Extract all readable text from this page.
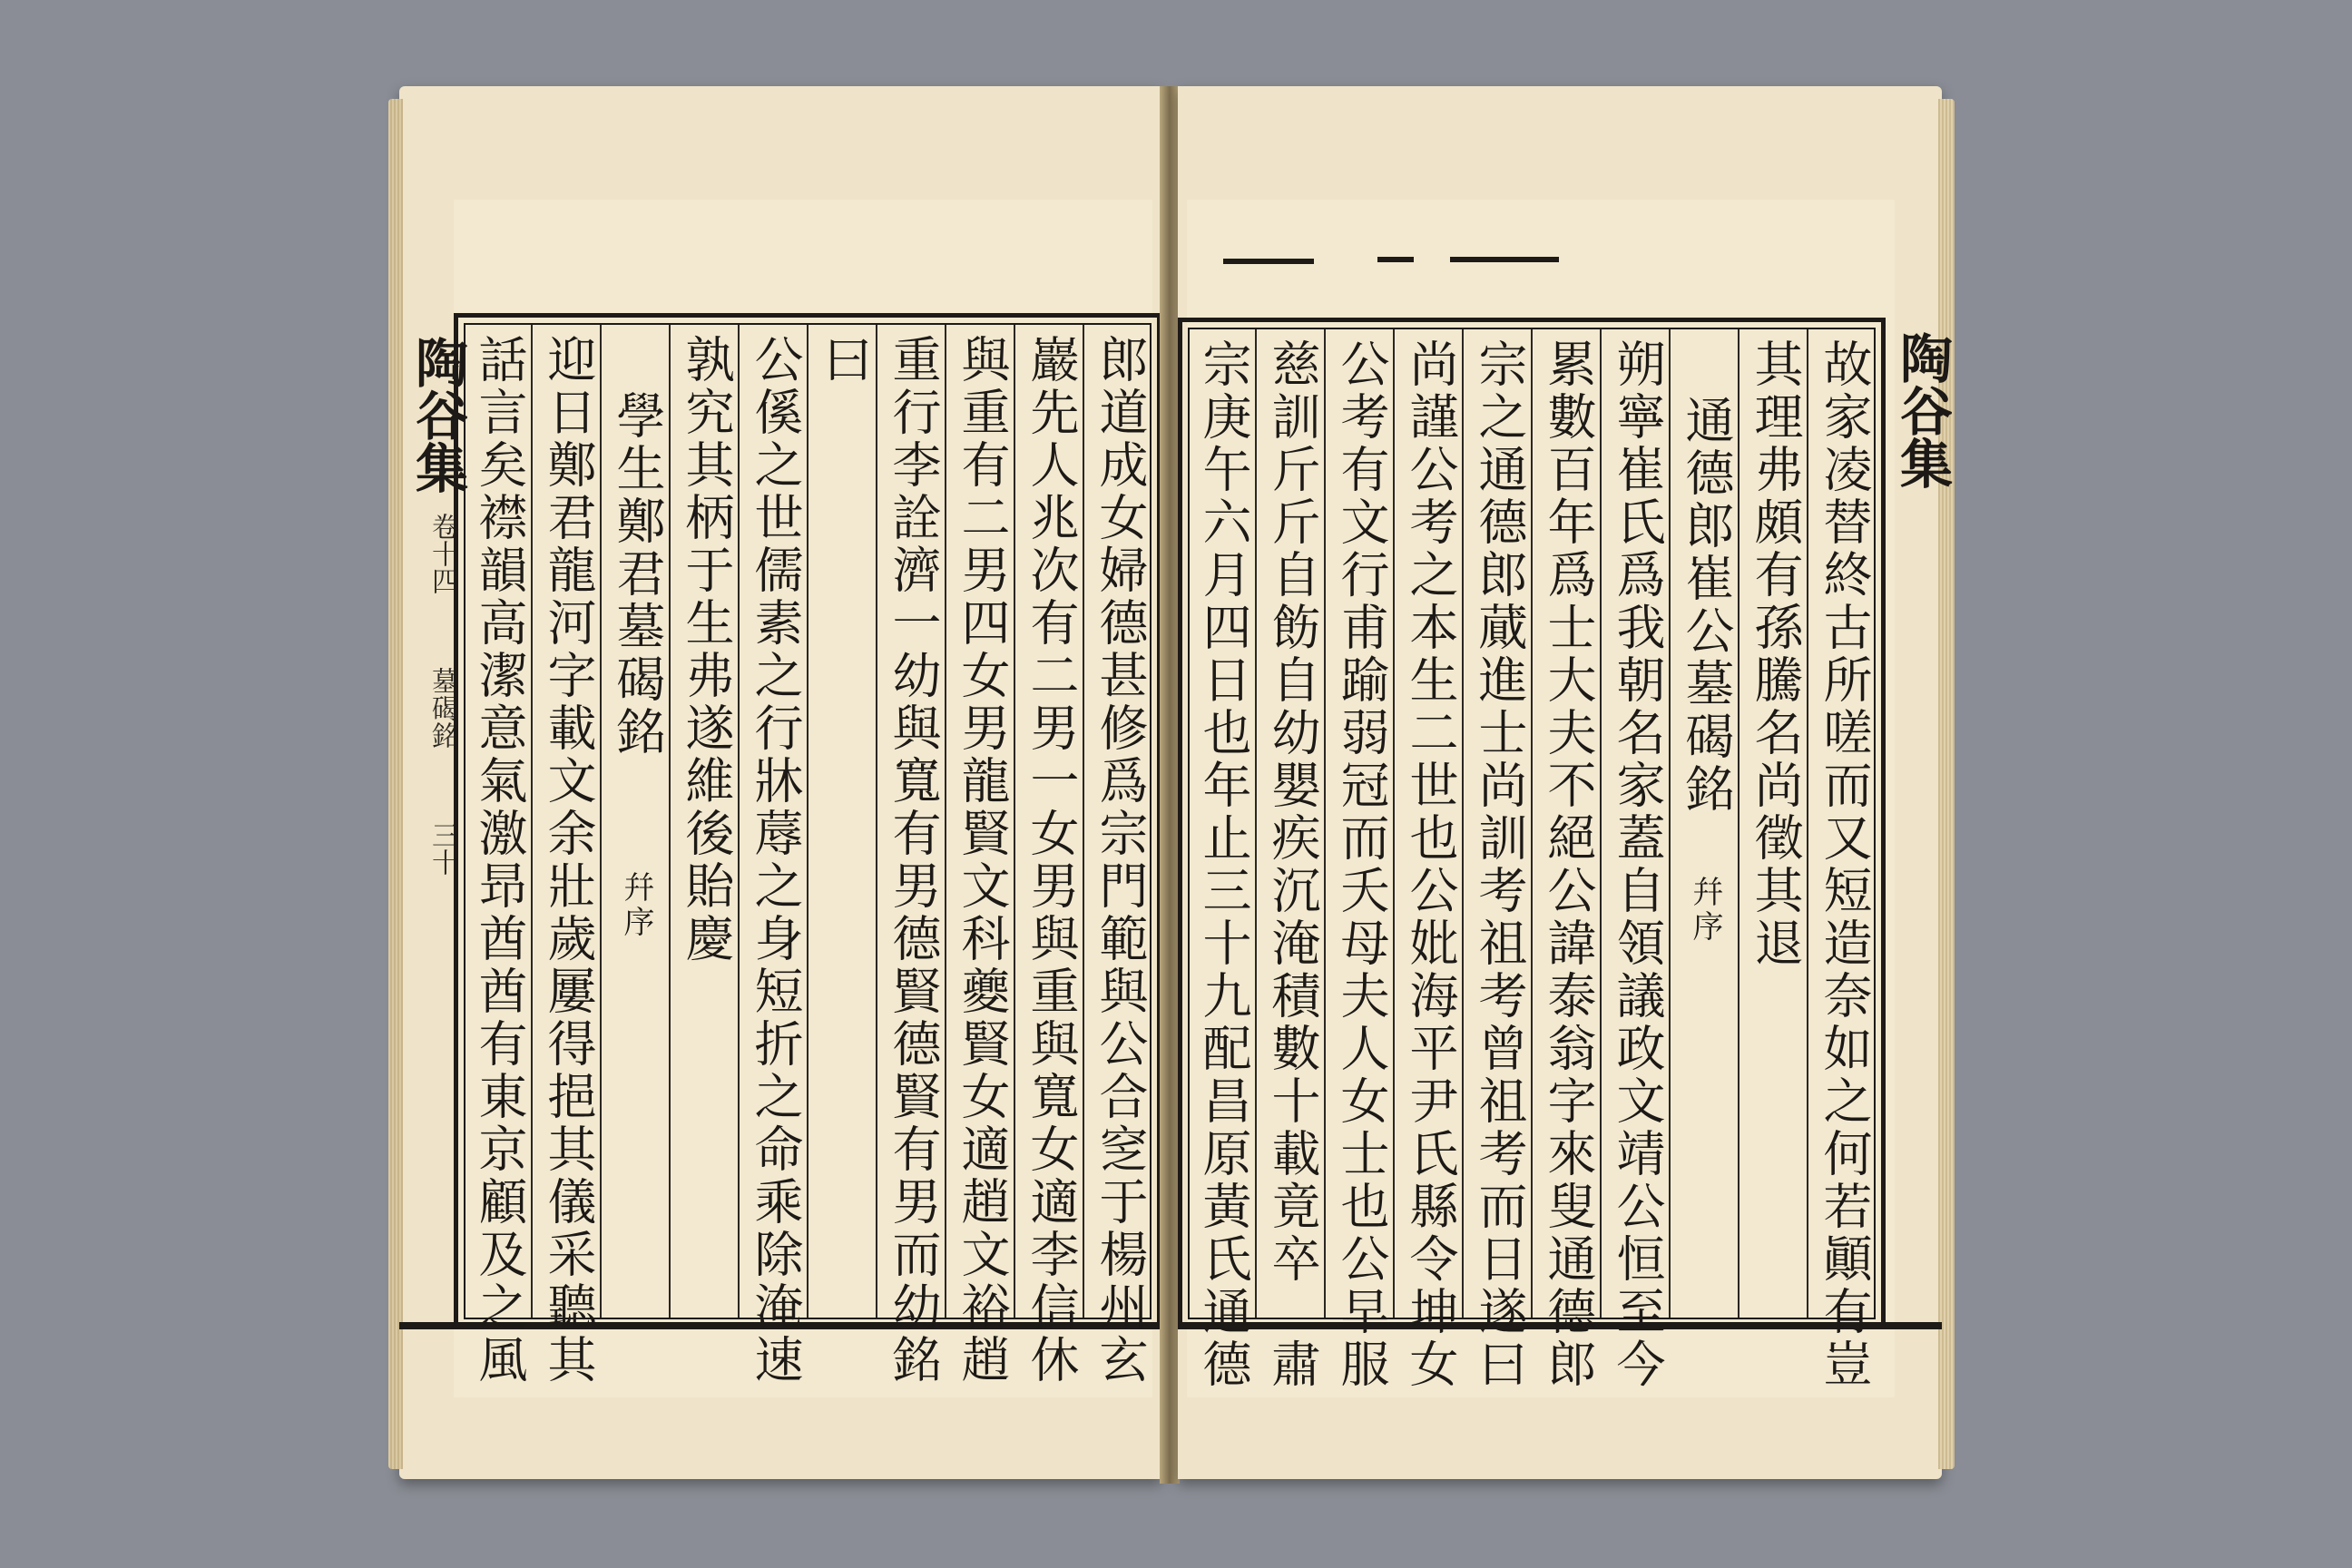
陶谷集
卷十四
墓碣銘
三十	郎道成女婦德甚修爲宗門範與公合窆于楊州玄
巖先人兆次有二男一女男與重與寬女適李信休
與重有二男四女男龍賢文科夔賢女適趙文裕趙
重行李詮濟一幼與寬有男德賢德賢有男而幼銘
曰
公傒之世儒素之行牀蓐之身短折之命乘除淹速
孰究其柄于生弗遂維後貽慶
學生鄭君墓碣銘
幷序
迎日鄭君龍河字載文余壯歲屢得挹其儀采聽其
話言矣襟韻高潔意氣激昻酋酋有東京顧及之風	陶谷集
故家凌替終古所嗟而又短造奈如之何若顚有豈
其理弗頗有孫騰名尚徵其退
通德郎崔公墓碣銘
幷序
朔寧崔氏爲我朝名家蓋自領議政文靖公恒至今
累數百年爲士大夫不絕公諱泰翁字來叟通德郎
宗之通德郎蕆進士尚訓考祖考曾祖考而日遂曰
尚謹公考之本生二世也公妣海平尹氏縣令坤女
公考有文行甫踰弱冠而夭母夫人女士也公早服
慈訓斤斤自飭自幼嬰疾沉淹積數十載竟卒　肅
宗庚午六月四日也年止三十九配昌原黃氏通德
